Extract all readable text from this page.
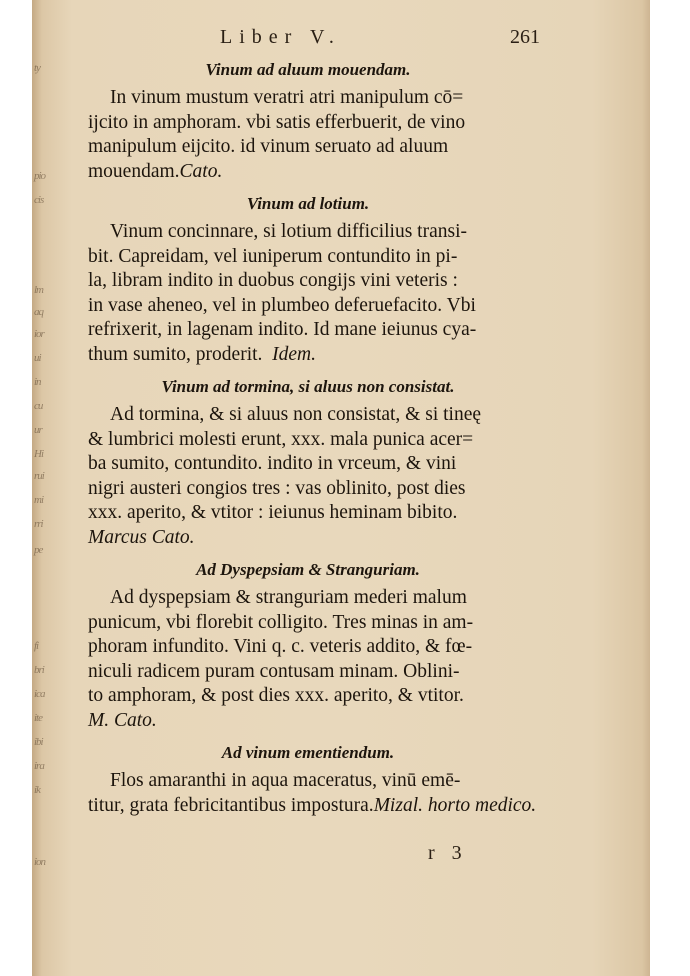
ty
pio
cis
lm
aq
ior
ui
in
cu
ur
Hi
rui
mi
rri
pe
fi
bri
ica
ite
ibi
ira
ik
ion
Liber V.	261

Vinum ad aluum mouendam.

In vinum mustum veratri atri manipulum cō=
ijcito in amphoram. vbi satis efferbuerit, de vino
manipulum eijcito. id vinum seruato ad aluum
mouendam.Cato.

Vinum ad lotium.

Vinum concinnare, si lotium difficilius transi-
bit. Capreidam, vel iuniperum contundito in pi-
la, libram indito in duobus congijs vini veteris :
in vase aheneo, vel in plumbeo deferuefacito. Vbi
refrixerit, in lagenam indito. Id mane ieiunus cya-
thum sumito, proderit. Idem.

Vinum ad tormina, si aluus non consistat.

Ad tormina, & si aluus non consistat, & si tineę
& lumbrici molesti erunt, xxx. mala punica acer=
ba sumito, contundito. indito in vrceum, & vini
nigri austeri congios tres : vas oblinito, post dies
xxx. aperito, & vtitor : ieiunus heminam bibito.
Marcus Cato.

Ad Dyspepsiam & Stranguriam.

Ad dyspepsiam & stranguriam mederi malum
punicum, vbi florebit colligito. Tres minas in am-
phoram infundito. Vini q. c. veteris addito, & fœ-
niculi radicem puram contusam minam. Oblini-
to amphoram, & post dies xxx. aperito, & vtitor.
M. Cato.

Ad vinum ementiendum.

Flos amaranthi in aqua maceratus, vinū emē-
titur, grata febricitantibus impostura.Mizal. horto medico.
r 3
